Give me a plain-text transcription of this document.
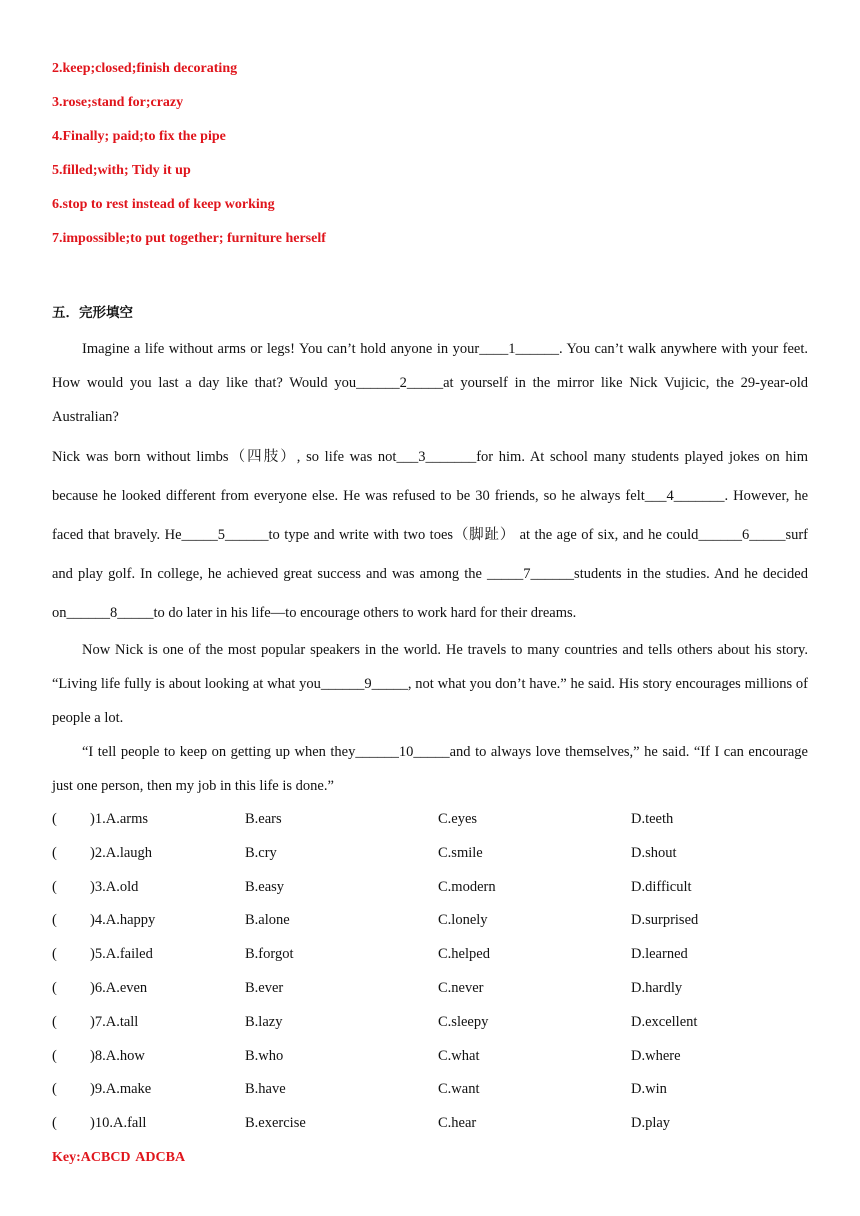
2.keep;closed;finish decorating
3.rose;stand for;crazy
4.Finally; paid;to fix the pipe
5.filled;with; Tidy it up
6.stop to rest instead of keep working
7.impossible;to put together; furniture herself
五．完形填空
Imagine a life without arms or legs! You can’t hold anyone in your____1______. You can’t walk anywhere with your feet. How would you last a day like that? Would you______2_____at yourself in the mirror like Nick Vujicic, the 29-year-old Australian?
Nick was born without limbs（四肢）, so life was not___3_______for him. At school many students played jokes on him because he looked different from everyone else. He was refused to be 30 friends, so he always felt___4_______. However, he faced that bravely. He_____5______to type and write with two toes（脚趾） at the age of six, and he could______6_____surf and play golf. In college, he achieved great success and was among the _____7______students in the studies. And he decided on______8_____to do later in his life—to encourage others to work hard for their dreams.
Now Nick is one of the most popular speakers in the world. He travels to many countries and tells others about his story. “Living life fully is about looking at what you______9_____, not what you don’t have.” he said. His story encourages millions of people a lot.
“I tell people to keep on getting up when they______10_____and to always love themselves,” he said. “If I can encourage just one person, then my job in this life is done.”
( )1.A.arms	B.ears	C.eyes	D.teeth
( )2.A.laugh	B.cry	C.smile	D.shout
( )3.A.old	B.easy	C.modern	D.difficult
( )4.A.happy	B.alone	C.lonely	D.surprised
( )5.A.failed	B.forgot	C.helped	D.learned
( )6.A.even	B.ever	C.never	D.hardly
( )7.A.tall	B.lazy	C.sleepy	D.excellent
( )8.A.how	B.who	C.what	D.where
( )9.A.make	B.have	C.want	D.win
( )10.A.fall	B.exercise	C.hear	D.play
Key:ACBCD ADCBA
